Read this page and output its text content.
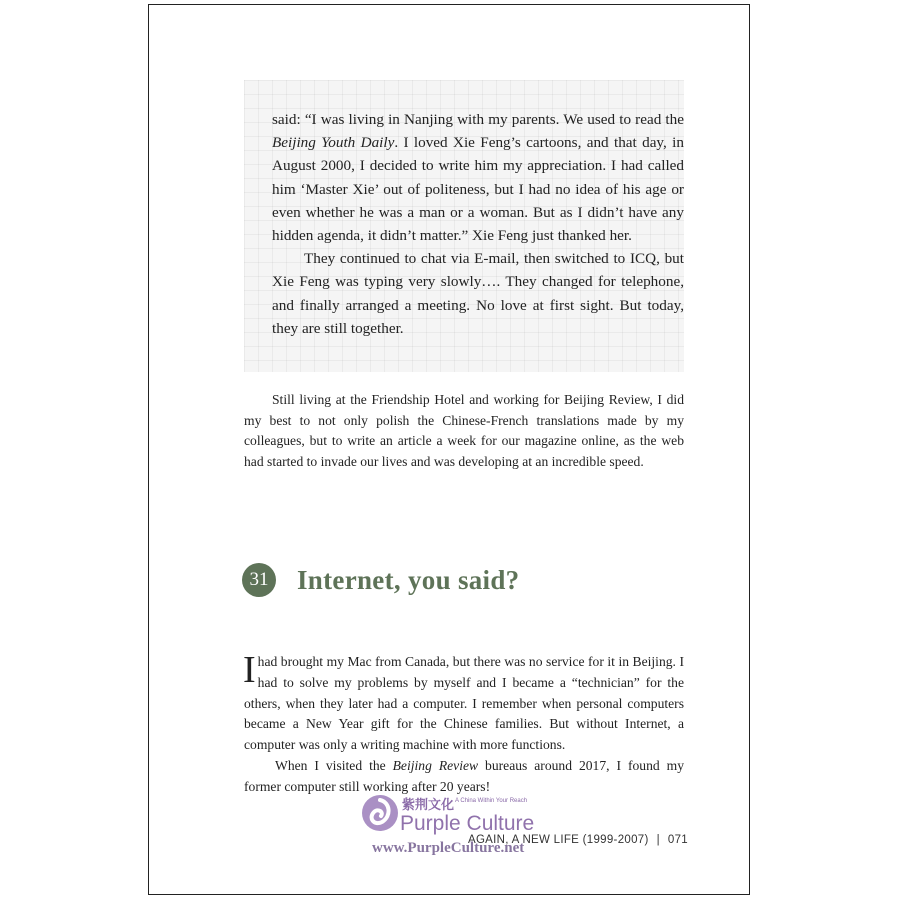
said: “I was living in Nanjing with my parents. We used to read the Beijing Youth Daily. I loved Xie Feng’s cartoons, and that day, in August 2000, I decided to write him my appreciation. I had called him ‘Master Xie’ out of politeness, but I had no idea of his age or even whether he was a man or a woman. But as I didn’t have any hidden agenda, it didn’t matter.” Xie Feng just thanked her.

They continued to chat via E-mail, then switched to ICQ, but Xie Feng was typing very slowly…. They changed for telephone, and finally arranged a meeting. No love at first sight. But today, they are still together.

Still living at the Friendship Hotel and working for Beijing Review, I did my best to not only polish the Chinese-French translations made by my colleagues, but to write an article a week for our magazine online, as the web had started to invade our lives and was developing at an incredible speed.

31 Internet, you said?

Ihad brought my Mac from Canada, but there was no service for it in Beijing. I had to solve my problems by myself and I became a “technician” for the others, when they later had a computer. I remember when personal computers became a New Year gift for the Chinese families. But without Internet, a computer was only a writing machine with more functions.

When I visited the Beijing Review bureaus around 2017, I found my former computer still working after 20 years!

AGAIN, A NEW LIFE (1999-2007) | 071
紫荆文化 A China Within Your Reach
Purple Culture
www.PurpleCulture.net
